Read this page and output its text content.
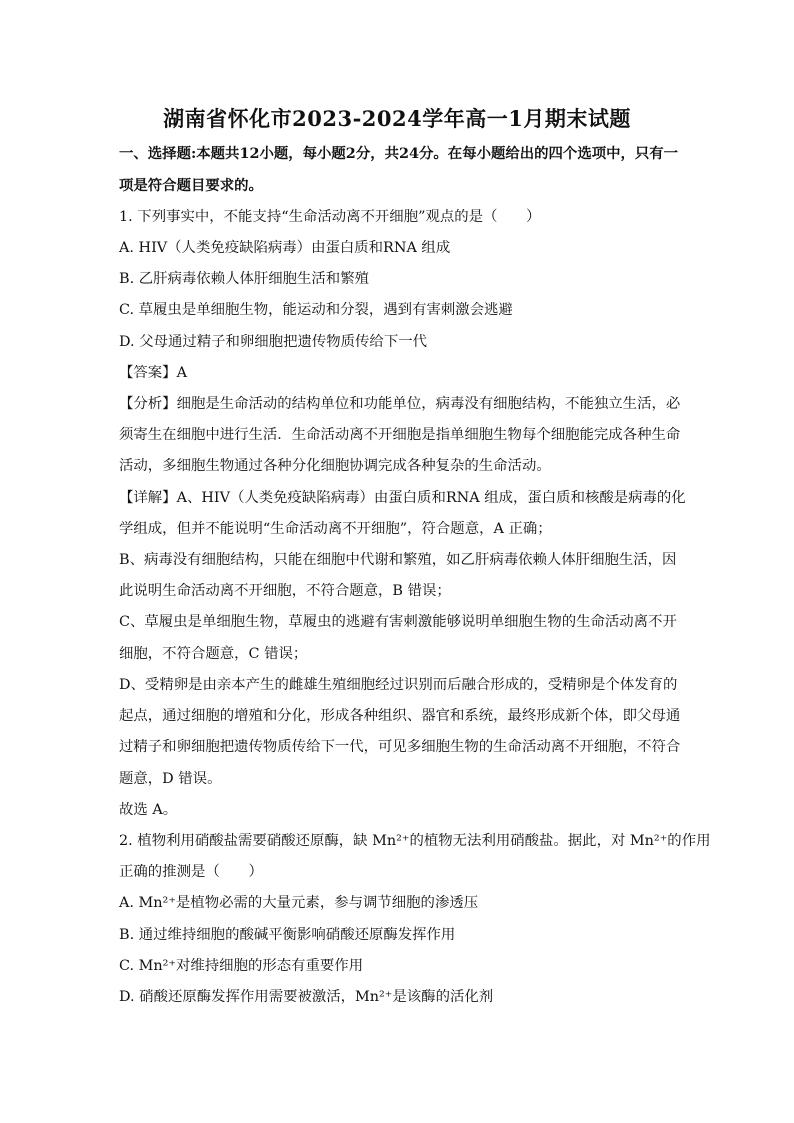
湖南省怀化市2023-2024学年高一1月期末试题
一、选择题:本题共12小题，每小题2分，共24分。在每小题给出的四个选项中，只有一
项是符合题目要求的。
1. 下列事实中，不能支持“生命活动离不开细胞”观点的是（　　）
A. HIV（人类免疫缺陷病毒）由蛋白质和RNA 组成
B. 乙肝病毒依赖人体肝细胞生活和繁殖
C. 草履虫是单细胞生物，能运动和分裂，遇到有害刺激会逃避
D. 父母通过精子和卵细胞把遗传物质传给下一代
【答案】A
【分析】细胞是生命活动的结构单位和功能单位，病毒没有细胞结构，不能独立生活，必
须寄生在细胞中进行生活．生命活动离不开细胞是指单细胞生物每个细胞能完成各种生命
活动，多细胞生物通过各种分化细胞协调完成各种复杂的生命活动。
【详解】A、HIV（人类免疫缺陷病毒）由蛋白质和RNA 组成，蛋白质和核酸是病毒的化
学组成，但并不能说明“生命活动离不开细胞”，符合题意，A 正确；
B、病毒没有细胞结构，只能在细胞中代谢和繁殖，如乙肝病毒依赖人体肝细胞生活，因
此说明生命活动离不开细胞，不符合题意，B 错误；
C、草履虫是单细胞生物，草履虫的逃避有害刺激能够说明单细胞生物的生命活动离不开
细胞，不符合题意，C 错误；
D、受精卵是由亲本产生的雌雄生殖细胞经过识别而后融合形成的，受精卵是个体发育的
起点，通过细胞的增殖和分化，形成各种组织、器官和系统，最终形成新个体，即父母通
过精子和卵细胞把遗传物质传给下一代，可见多细胞生物的生命活动离不开细胞，不符合
题意，D 错误。
故选 A。
2. 植物利用硝酸盐需要硝酸还原酶，缺 Mn²⁺的植物无法利用硝酸盐。据此，对 Mn²⁺的作用
正确的推测是（　　）
A. Mn²⁺是植物必需的大量元素，参与调节细胞的渗透压
B. 通过维持细胞的酸碱平衡影响硝酸还原酶发挥作用
C. Mn²⁺对维持细胞的形态有重要作用
D. 硝酸还原酶发挥作用需要被激活，Mn²⁺是该酶的活化剂
